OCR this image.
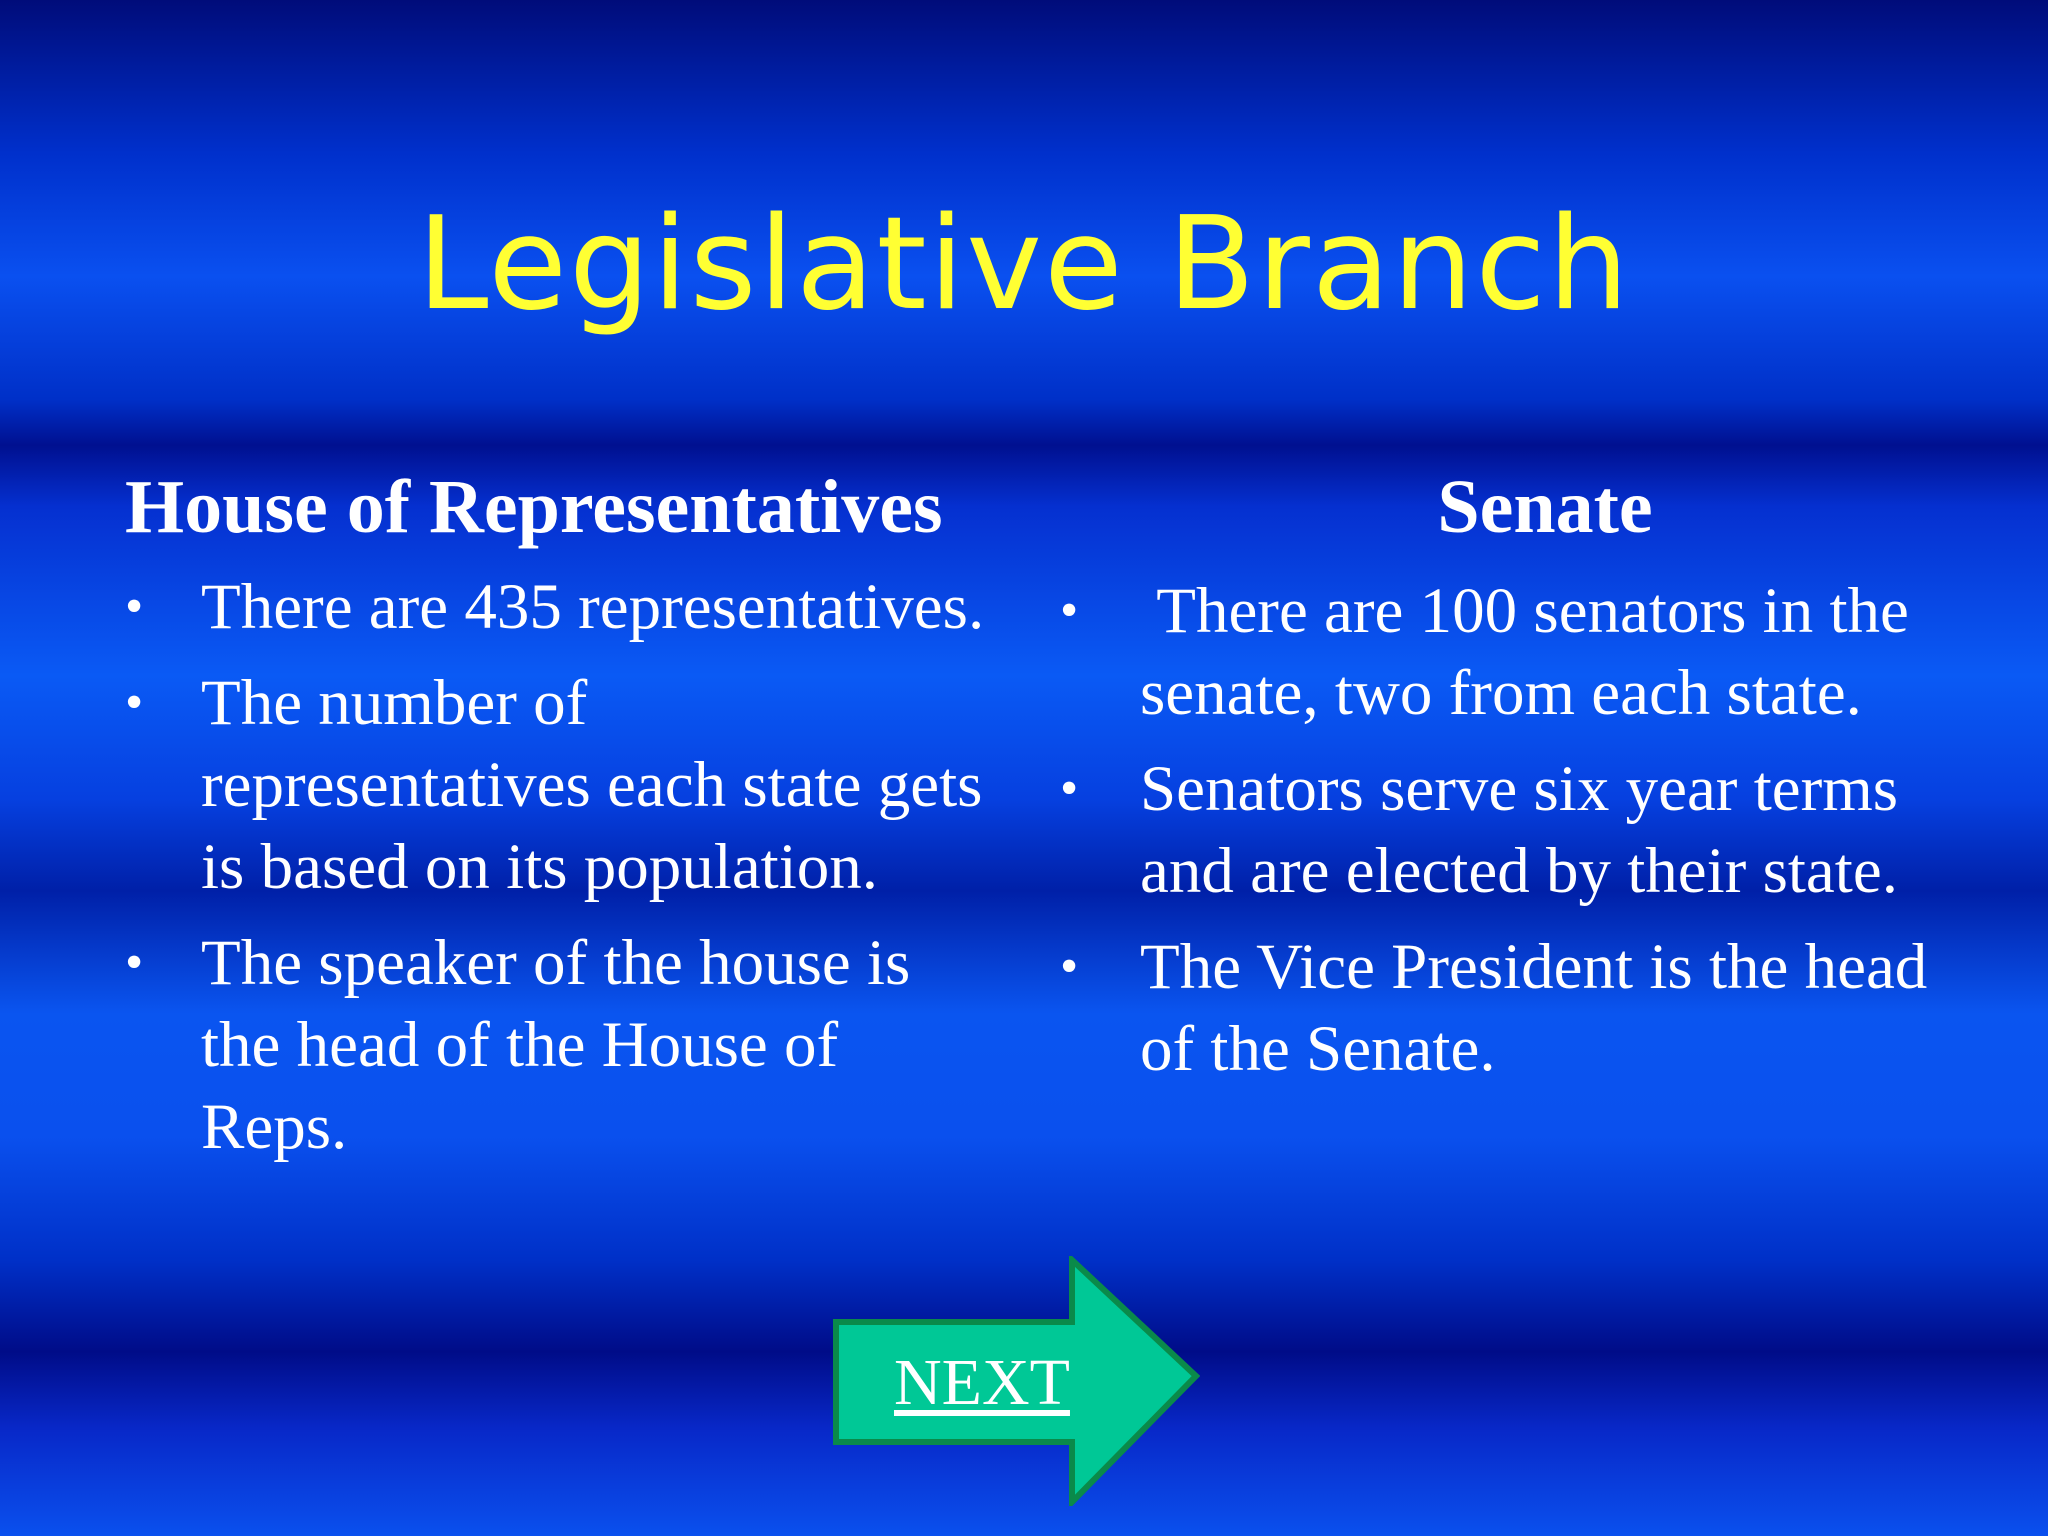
Legislative Branch
House of Representatives
• There are 435 representatives.
• The number of representatives each state gets is based on its population.
• The speaker of the house is the head of the House of Reps.
Senate
• There are 100 senators in the senate, two from each state.
• Senators serve six year terms and are elected by their state.
• The Vice President is the head of the Senate.
NEXT
